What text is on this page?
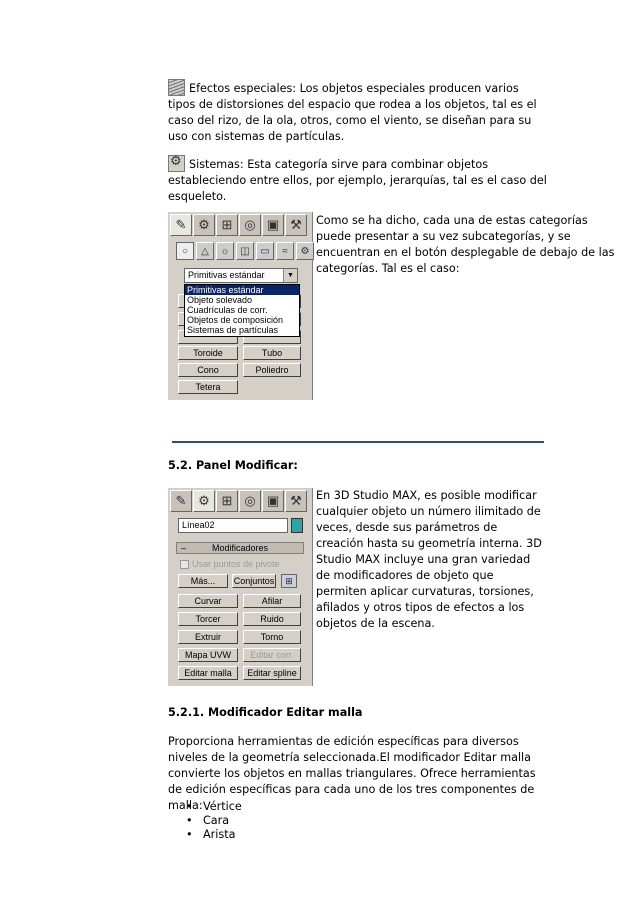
Efectos especiales: Los objetos especiales producen varios tipos de distorsiones del espacio que rodea a los objetos, tal es el caso del rizo, de la ola, otros, como el viento, se diseñan para su uso con sistemas de partículas.

⚙Sistemas: Esta categoría sirve para combinar objetos estableciendo entre ellos, por ejemplo, jerarquías, tal es el caso del esqueleto.

✎ ⚙ ⊞ ◎ ▣ ⚒
○	△	☼	◫	▭	≈	⚙
Primitivas estándar	▼
Primitivas estándar
Objeto solevado
Cuadrículas de corr.
Objetos de composición
Sistemas de partículas
Toroide	Tubo
Cono	Poliedro
Tetera

Como se ha dicho, cada una de estas categorías puede presentar a su vez subcategorías, y se encuentran en el botón desplegable de debajo de las categorías. Tal es el caso:

5.2. Panel Modificar:
✎ ⚙ ⊞ ◎ ▣ ⚒
Línea02
–	Modificadores
Usar puntos de pivote
Más...	Conjuntos	⊞
Curvar	Afilar
Torcer	Ruido
Extruir	Torno
Mapa UVW	Editar corr.
Editar malla	Editar spline

En 3D Studio MAX, es posible modificar cualquier objeto un número ilimitado de veces, desde sus parámetros de creación hasta su geometría interna. 3D Studio MAX incluye una gran variedad de modificadores de objeto que permiten aplicar curvaturas, torsiones, afilados y otros tipos de efectos a los objetos de la escena.

5.2.1. Modificador Editar malla

Proporciona herramientas de edición específicas para diversos niveles de la geometría seleccionada.El modificador Editar malla convierte los objetos en mallas triangulares. Ofrece herramientas de edición específicas para cada uno de los tres componentes de malla:

• Vértice
• Cara
• Arista
